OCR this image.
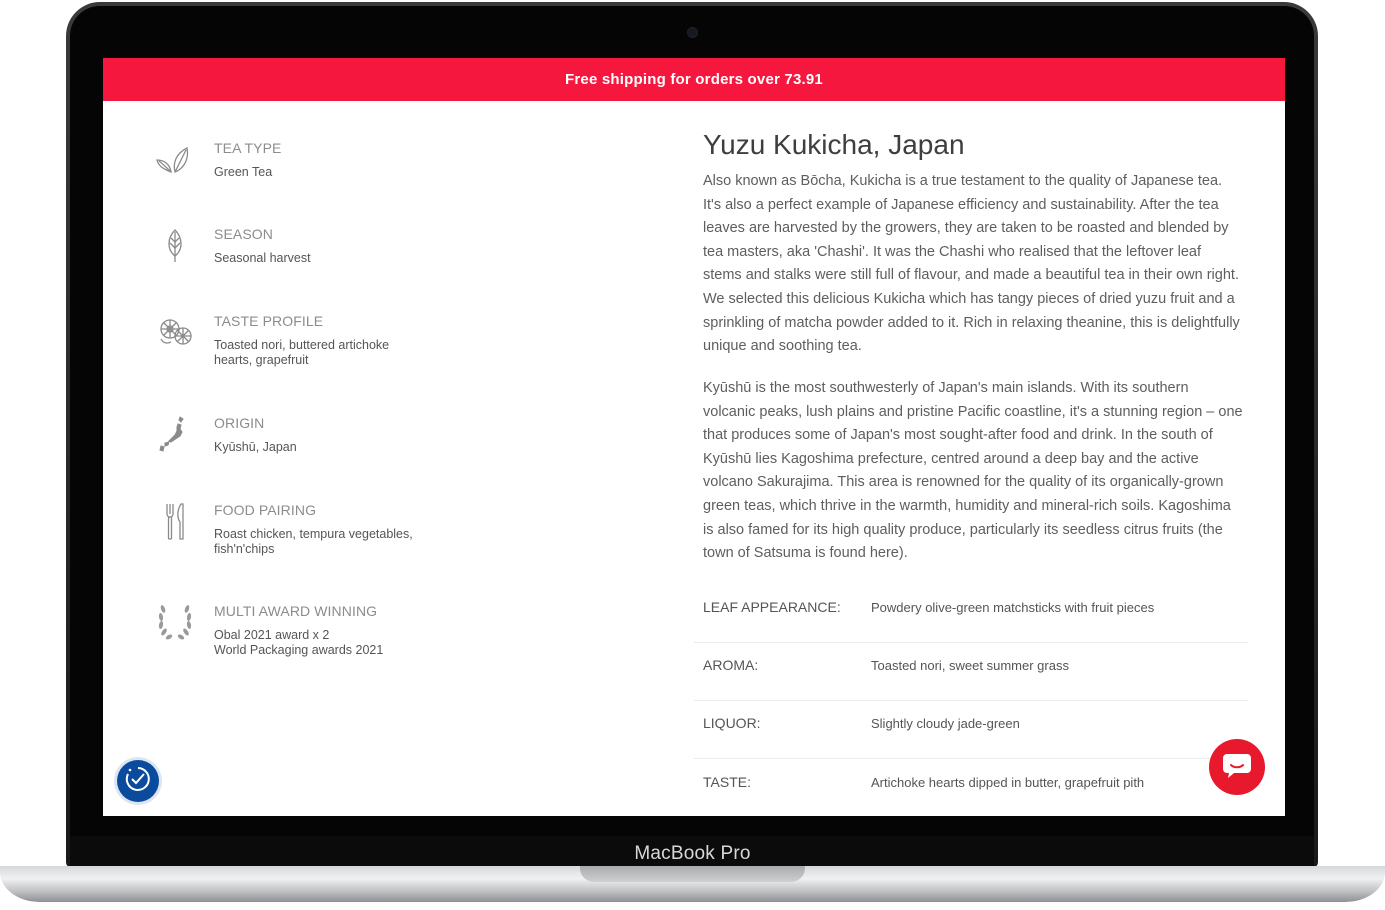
MacBook Pro
Free shipping for orders over 73.91
TEA TYPE
Green Tea
SEASON
Seasonal harvest
TASTE PROFILE
Toasted nori, buttered artichoke
hearts, grapefruit
ORIGIN
Kyūshū, Japan
FOOD PAIRING
Roast chicken, tempura vegetables,
fish'n'chips
MULTI AWARD WINNING
Obal 2021 award x 2
World Packaging awards 2021
Yuzu Kukicha, Japan

Also known as Bōcha, Kukicha is a true testament to the quality of Japanese tea. It's also a perfect example of Japanese efficiency and sustainability. After the tea leaves are harvested by the growers, they are taken to be roasted and blended by tea masters, aka 'Chashi'. It was the Chashi who realised that the leftover leaf stems and stalks were still full of flavour, and made a beautiful tea in their own right. We selected this delicious Kukicha which has tangy pieces of dried yuzu fruit and a sprinkling of matcha powder added to it. Rich in relaxing theanine, this is delightfully unique and soothing tea.

Kyūshū is the most southwesterly of Japan's main islands. With its southern volcanic peaks, lush plains and pristine Pacific coastline, it's a stunning region – one that produces some of Japan's most sought-after food and drink. In the south of Kyūshū lies Kagoshima prefecture, centred around a deep bay and the active volcano Sakurajima. This area is renowned for the quality of its organically-grown green teas, which thrive in the warmth, humidity and mineral-rich soils. Kagoshima is also famed for its high quality produce, particularly its seedless citrus fruits (the town of Satsuma is found here).

LEAF APPEARANCE: Powdery olive-green matchsticks with fruit pieces
AROMA:	Toasted nori, sweet summer grass
LIQUOR:	Slightly cloudy jade-green
TASTE:	Artichoke hearts dipped in butter, grapefruit pith
